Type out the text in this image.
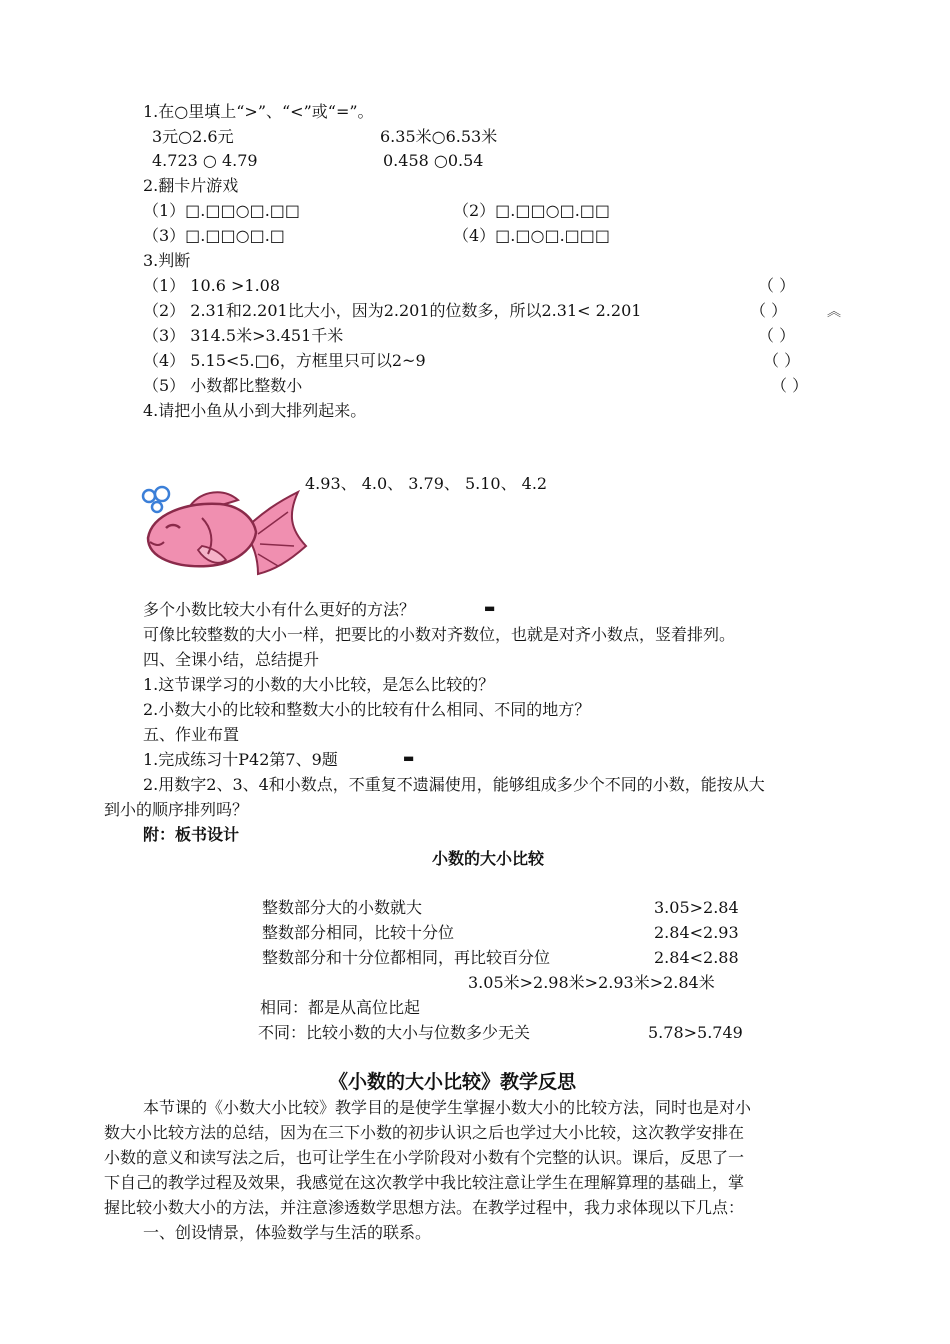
1.在○里填上“>”、“<”或“=”。
3元○2.6元	6.35米○6.53米
4.723 ○ 4.79	0.458 ○0.54
2.翻卡片游戏
（1）□.□□○□.□□	（2）□.□□○□.□□
（3）□.□□○□.□	（4）□.□○□.□□□
3.判断
（1） 10.6 >1.08	（ ）
（2） 2.31和2.201比大小，因为2.201的位数多，所以2.31< 2.201	（ ）	︽
（3） 314.5米>3.451千米	（ ）
（4） 5.15<5.□6，方框里只可以2~9	（ ）
（5） 小数都比整数小	（ ）
4.请把小鱼从小到大排列起来。
4.93、 4.0、 3.79、 5.10、 4.2
多个小数比较大小有什么更好的方法？	▬
可像比较整数的大小一样，把要比的小数对齐数位，也就是对齐小数点，竖着排列。
四、全课小结，总结提升
1.这节课学习的小数的大小比较，是怎么比较的？
2.小数大小的比较和整数大小的比较有什么相同、不同的地方？
五、作业布置
1.完成练习十P42第7、9题	▬
2.用数字2、3、4和小数点，不重复不遗漏使用，能够组成多少个不同的小数，能按从大
到小的顺序排列吗？
附：板书设计
小数的大小比较
整数部分大的小数就大	3.05>2.84
整数部分相同，比较十分位	2.84<2.93
整数部分和十分位都相同，再比较百分位	2.84<2.88
3.05米>2.98米>2.93米>2.84米
相同：都是从高位比起
不同：比较小数的大小与位数多少无关	5.78>5.749
《小数的大小比较》教学反思
本节课的《小数大小比较》教学目的是使学生掌握小数大小的比较方法，同时也是对小
数大小比较方法的总结，因为在三下小数的初步认识之后也学过大小比较，这次教学安排在
小数的意义和读写法之后，也可让学生在小学阶段对小数有个完整的认识。课后，反思了一
下自己的教学过程及效果，我感觉在这次教学中我比较注意让学生在理解算理的基础上，掌
握比较小数大小的方法，并注意渗透数学思想方法。在教学过程中，我力求体现以下几点：
一、创设情景，体验数学与生活的联系。
